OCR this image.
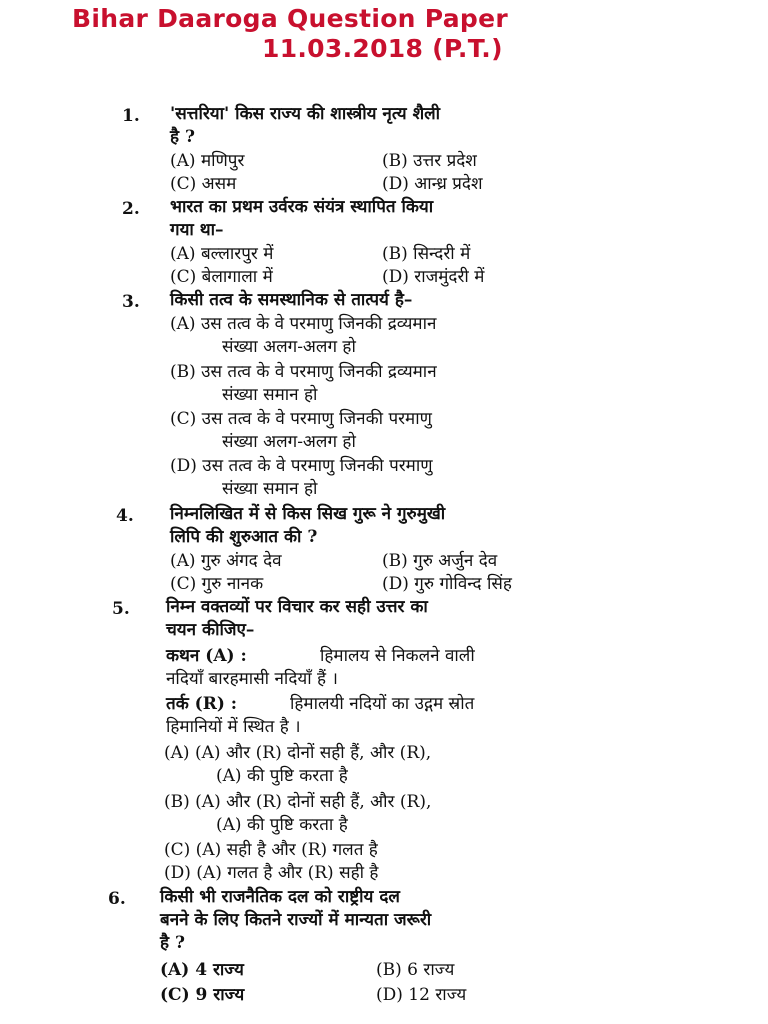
Bihar Daaroga Question Paper
11.03.2018 (P.T.)
1. 'सत्तरिया' किस राज्य की शास्त्रीय नृत्य शैली
है ?
(A) मणिपुर	(B) उत्तर प्रदेश
(C) असम	(D) आन्ध्र प्रदेश
2. भारत का प्रथम उर्वरक संयंत्र स्थापित किया
गया था–
(A) बल्लारपुर में	(B) सिन्दरी में
(C) बेलागाला में	(D) राजमुंदरी में
3. किसी तत्व के समस्थानिक से तात्पर्य है–
(A) उस तत्व के वे परमाणु जिनकी द्रव्यमान
संख्या अलग-अलग हो
(B) उस तत्व के वे परमाणु जिनकी द्रव्यमान
संख्या समान हो
(C) उस तत्व के वे परमाणु जिनकी परमाणु
संख्या अलग-अलग हो
(D) उस तत्व के वे परमाणु जिनकी परमाणु
संख्या समान हो
4. निम्नलिखित में से किस सिख गुरू ने गुरुमुखी
लिपि की शुरुआत की ?
(A) गुरु अंगद देव	(B) गुरु अर्जुन देव
(C) गुरु नानक	(D) गुरु गोविन्द सिंह
5. निम्न वक्तव्यों पर विचार कर सही उत्तर का
चयन कीजिए–
कथन (A) :	हिमालय से निकलने वाली
नदियाँ बारहमासी नदियाँ हैं ।
तर्क (R) :	हिमालयी नदियों का उद्गम स्रोत
हिमानियों में स्थित है ।
(A) (A) और (R) दोनों सही हैं, और (R),
(A) की पुष्टि करता है
(B) (A) और (R) दोनों सही हैं, और (R),
(A) की पुष्टि करता है
(C) (A) सही है और (R) गलत है
(D) (A) गलत है और (R) सही है
6. किसी भी राजनैतिक दल को राष्ट्रीय दल
बनने के लिए कितने राज्यों में मान्यता जरूरी
है ?
(A) 4 राज्य	(B) 6 राज्य
(C) 9 राज्य	(D) 12 राज्य
